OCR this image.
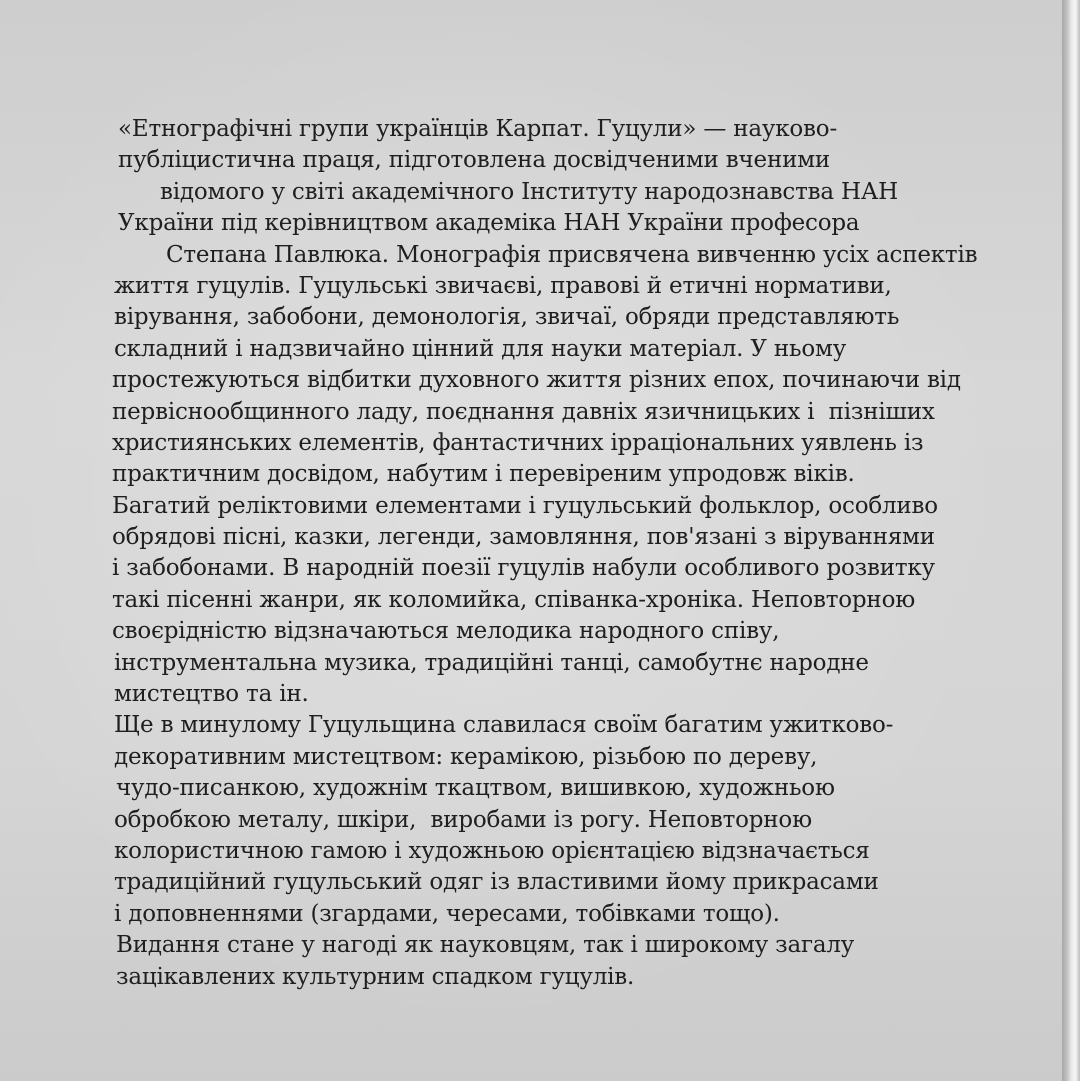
«Етнографічні групи українців Карпат. Гуцули» — науково-
публіцистична праця, підготовлена досвідченими вченими
відомого у світі академічного Інституту народознавства НАН
України під керівництвом академіка НАН України професора
Степана Павлюка. Монографія присвячена вивченню усіх аспектів
життя гуцулів. Гуцульські звичаєві, правові й етичні нормативи,
вірування, забобони, демонологія, звичаї, обряди представляють
складний і надзвичайно цінний для науки матеріал. У ньому
простежуються відбитки духовного життя різних епох, починаючи від
первіснообщинного ладу, поєднання давніх язичницьких і  пізніших
християнських елементів, фантастичних ірраціональних уявлень із
практичним досвідом, набутим і перевіреним упродовж віків.
Багатий реліктовими елементами і гуцульський фольклор, особливо
обрядові пісні, казки, легенди, замовляння, пов'язані з віруваннями
і забобонами. В народній поезії гуцулів набули особливого розвитку
такі пісенні жанри, як коломийка, співанка-хроніка. Неповторною
своєрідністю відзначаються мелодика народного співу,
інструментальна музика, традиційні танці, самобутнє народне
мистецтво та ін.
Ще в минулому Гуцульщина славилася своїм багатим ужитково-
декоративним мистецтвом: керамікою, різьбою по дереву,
чудо-писанкою, художнім ткацтвом, вишивкою, художньою
обробкою металу, шкіри,  виробами із рогу. Неповторною
колористичною гамою і художньою орієнтацією відзначається
традиційний гуцульський одяг із властивими йому прикрасами
і доповненнями (згардами, чересами, тобівками тощо).
Видання стане у нагоді як науковцям, так і широкому загалу
зацікавлених культурним спадком гуцулів.
